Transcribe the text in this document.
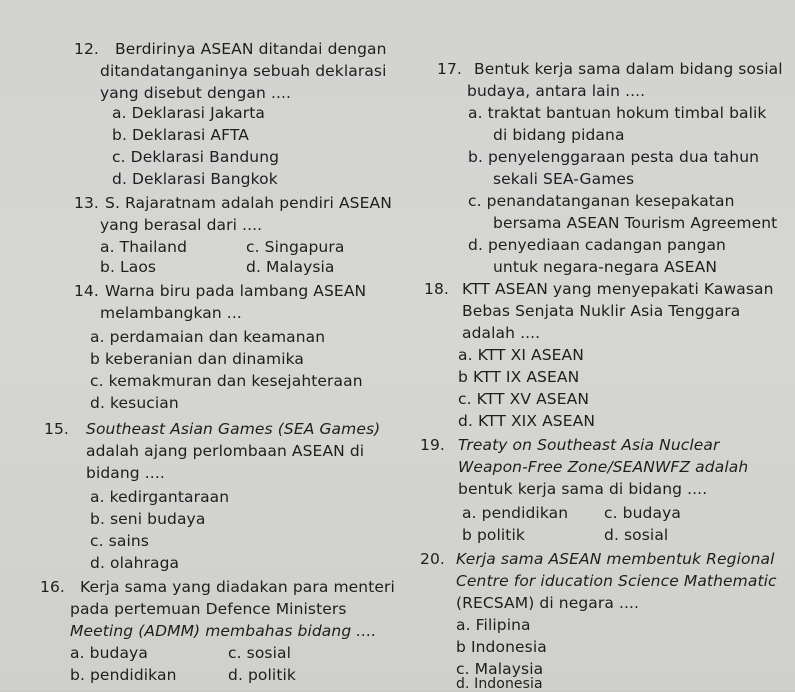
12. Berdirinya ASEAN ditandai dengan
ditandatanganinya sebuah deklarasi
yang disebut dengan ....
a. Deklarasi Jakarta
b. Deklarasi AFTA
c. Deklarasi Bandung
d. Deklarasi Bangkok
13. S. Rajaratnam adalah pendiri ASEAN
yang berasal dari ....
a. Thailand	c. Singapura
b. Laos	d. Malaysia
14. Warna biru pada lambang ASEAN
melambangkan ...
a. perdamaian dan keamanan
b keberanian dan dinamika
c. kemakmuran dan kesejahteraan
d. kesucian
15. Southeast Asian Games (SEA Games)
adalah ajang perlombaan ASEAN di
bidang ....
a. kedirgantaraan
b. seni budaya
c. sains
d. olahraga
16. Kerja sama yang diadakan para menteri
pada pertemuan Defence Ministers
Meeting (ADMM) membahas bidang ....
a. budaya	c. sosial
b. pendidikan	d. politik
17. Bentuk kerja sama dalam bidang sosial
budaya, antara lain ....
a. traktat bantuan hokum timbal balik
di bidang pidana
b. penyelenggaraan pesta dua tahun
sekali SEA-Games
c. penandatanganan kesepakatan
bersama ASEAN Tourism Agreement
d. penyediaan cadangan pangan
untuk negara-negara ASEAN
18. KTT ASEAN yang menyepakati Kawasan
Bebas Senjata Nuklir Asia Tenggara
adalah ....
a. KTT XI ASEAN
b KTT IX ASEAN
c. KTT XV ASEAN
d. KTT XIX ASEAN
19. Treaty on Southeast Asia Nuclear
Weapon-Free Zone/SEANWFZ adalah
bentuk kerja sama di bidang ....
a. pendidikan c. budaya
b politik	d. sosial
20. Kerja sama ASEAN membentuk Regional
Centre for iducation Science Mathematic
(RECSAM) di negara ....
a. Filipina
b Indonesia
c. Malaysia
d. Indonesia
